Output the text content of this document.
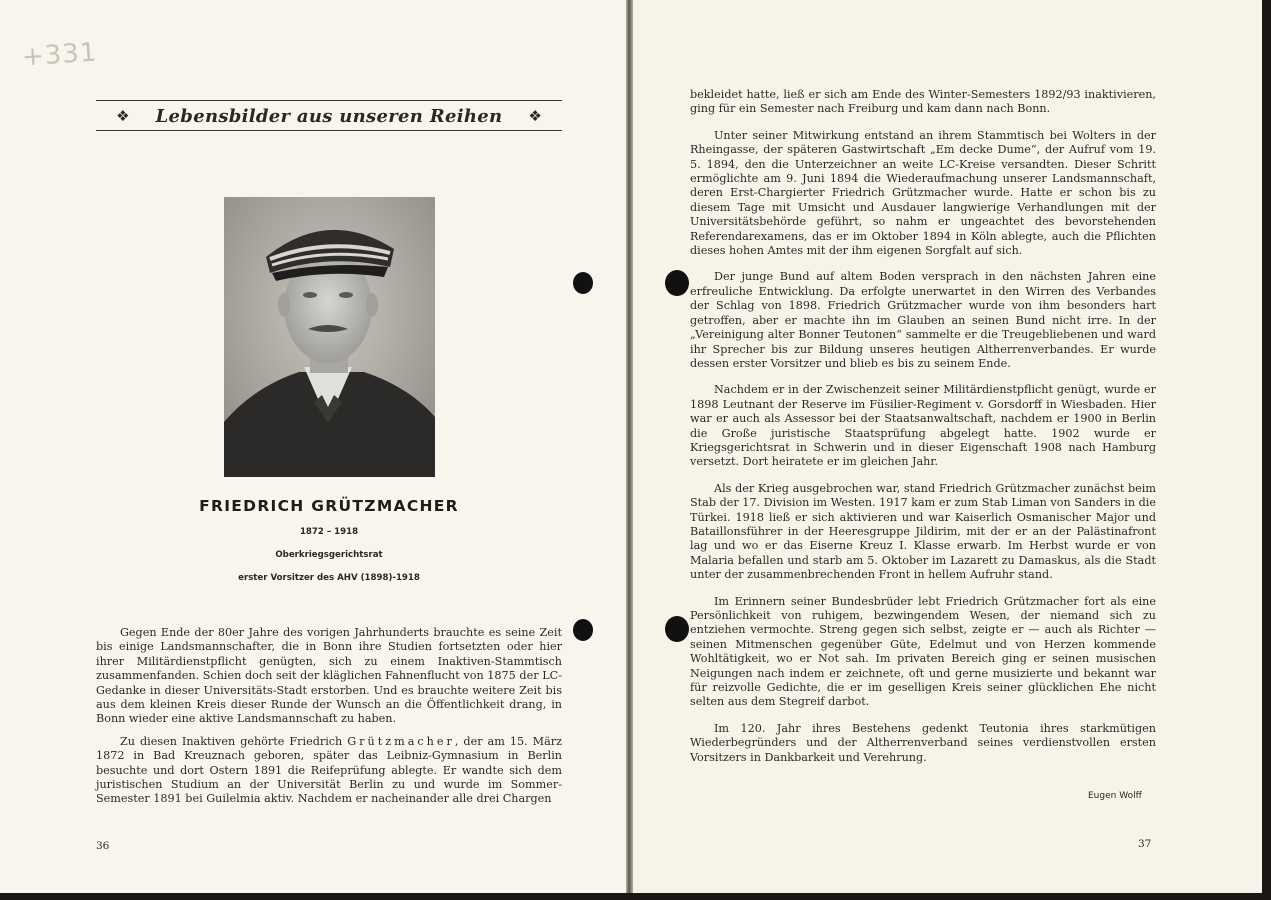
+331
❖ Lebensbilder aus unseren Reihen ❖
FRIEDRICH GRÜTZMACHER
1872 – 1918
Oberkriegsgerichtsrat
erster Vorsitzer des AHV (1898)-1918

Gegen Ende der 80er Jahre des vorigen Jahrhunderts brauchte es seine Zeit bis einige Landsmannschafter, die in Bonn ihre Studien fortsetzten oder hier ihrer Militärdienstpflicht genügten, sich zu einem Inaktiven-Stammtisch zusammenfanden. Schien doch seit der kläglichen Fahnenflucht von 1875 der LC-Gedanke in dieser Universitäts-Stadt erstorben. Und es brauchte weitere Zeit bis aus dem kleinen Kreis dieser Runde der Wunsch an die Öffentlichkeit drang, in Bonn wieder eine aktive Landsmannschaft zu haben.

Zu diesen Inaktiven gehörte Friedrich Grützmacher, der am 15. März 1872 in Bad Kreuznach geboren, später das Leibniz-Gymnasium in Berlin besuchte und dort Ostern 1891 die Reifeprüfung ablegte. Er wandte sich dem juristischen Studium an der Universität Berlin zu und wurde im Sommer-Semester 1891 bei Guilelmia aktiv. Nachdem er nacheinander alle drei Chargen

36

bekleidet hatte, ließ er sich am Ende des Winter-Semesters 1892/93 inaktivieren, ging für ein Semester nach Freiburg und kam dann nach Bonn.

Unter seiner Mitwirkung entstand an ihrem Stammtisch bei Wolters in der Rheingasse, der späteren Gastwirtschaft „Em decke Dume“, der Aufruf vom 19. 5. 1894, den die Unterzeichner an weite LC-Kreise versandten. Dieser Schritt ermöglichte am 9. Juni 1894 die Wiederaufmachung unserer Landsmannschaft, deren Erst-Chargierter Friedrich Grützmacher wurde. Hatte er schon bis zu diesem Tage mit Umsicht und Ausdauer langwierige Verhandlungen mit der Universitätsbehörde geführt, so nahm er ungeachtet des bevorstehenden Referendarexamens, das er im Oktober 1894 in Köln ablegte, auch die Pflichten dieses hohen Amtes mit der ihm eigenen Sorgfalt auf sich.

Der junge Bund auf altem Boden versprach in den nächsten Jahren eine erfreuliche Entwicklung. Da erfolgte unerwartet in den Wirren des Verbandes der Schlag von 1898. Friedrich Grützmacher wurde von ihm besonders hart getroffen, aber er machte ihn im Glauben an seinen Bund nicht irre. In der „Vereinigung alter Bonner Teutonen“ sammelte er die Treugebliebenen und ward ihr Sprecher bis zur Bildung unseres heutigen Altherrenverbandes. Er wurde dessen erster Vorsitzer und blieb es bis zu seinem Ende.

Nachdem er in der Zwischenzeit seiner Militärdienstpflicht genügt, wurde er 1898 Leutnant der Reserve im Füsilier-Regiment v. Gorsdorff in Wiesbaden. Hier war er auch als Assessor bei der Staatsanwaltschaft, nachdem er 1900 in Berlin die Große juristische Staatsprüfung abgelegt hatte. 1902 wurde er Kriegsgerichtsrat in Schwerin und in dieser Eigenschaft 1908 nach Hamburg versetzt. Dort heiratete er im gleichen Jahr.

Als der Krieg ausgebrochen war, stand Friedrich Grützmacher zunächst beim Stab der 17. Division im Westen. 1917 kam er zum Stab Liman von Sanders in die Türkei. 1918 ließ er sich aktivieren und war Kaiserlich Osmanischer Major und Bataillonsführer in der Heeresgruppe Jildirim, mit der er an der Palästinafront lag und wo er das Eiserne Kreuz I. Klasse erwarb. Im Herbst wurde er von Malaria befallen und starb am 5. Oktober im Lazarett zu Damaskus, als die Stadt unter der zusammenbrechenden Front in hellem Aufruhr stand.

Im Erinnern seiner Bundesbrüder lebt Friedrich Grützmacher fort als eine Persönlichkeit von ruhigem, bezwingendem Wesen, der niemand sich zu entziehen vermochte. Streng gegen sich selbst, zeigte er — auch als Richter — seinen Mitmenschen gegenüber Güte, Edelmut und von Herzen kommende Wohltätigkeit, wo er Not sah. Im privaten Bereich ging er seinen musischen Neigungen nach indem er zeichnete, oft und gerne musizierte und bekannt war für reizvolle Gedichte, die er im geselligen Kreis seiner glücklichen Ehe nicht selten aus dem Stegreif darbot.

Im 120. Jahr ihres Bestehens gedenkt Teutonia ihres starkmütigen Wiederbegründers und der Altherrenverband seines verdienstvollen ersten Vorsitzers in Dankbarkeit und Verehrung.

37
Eugen Wolff
